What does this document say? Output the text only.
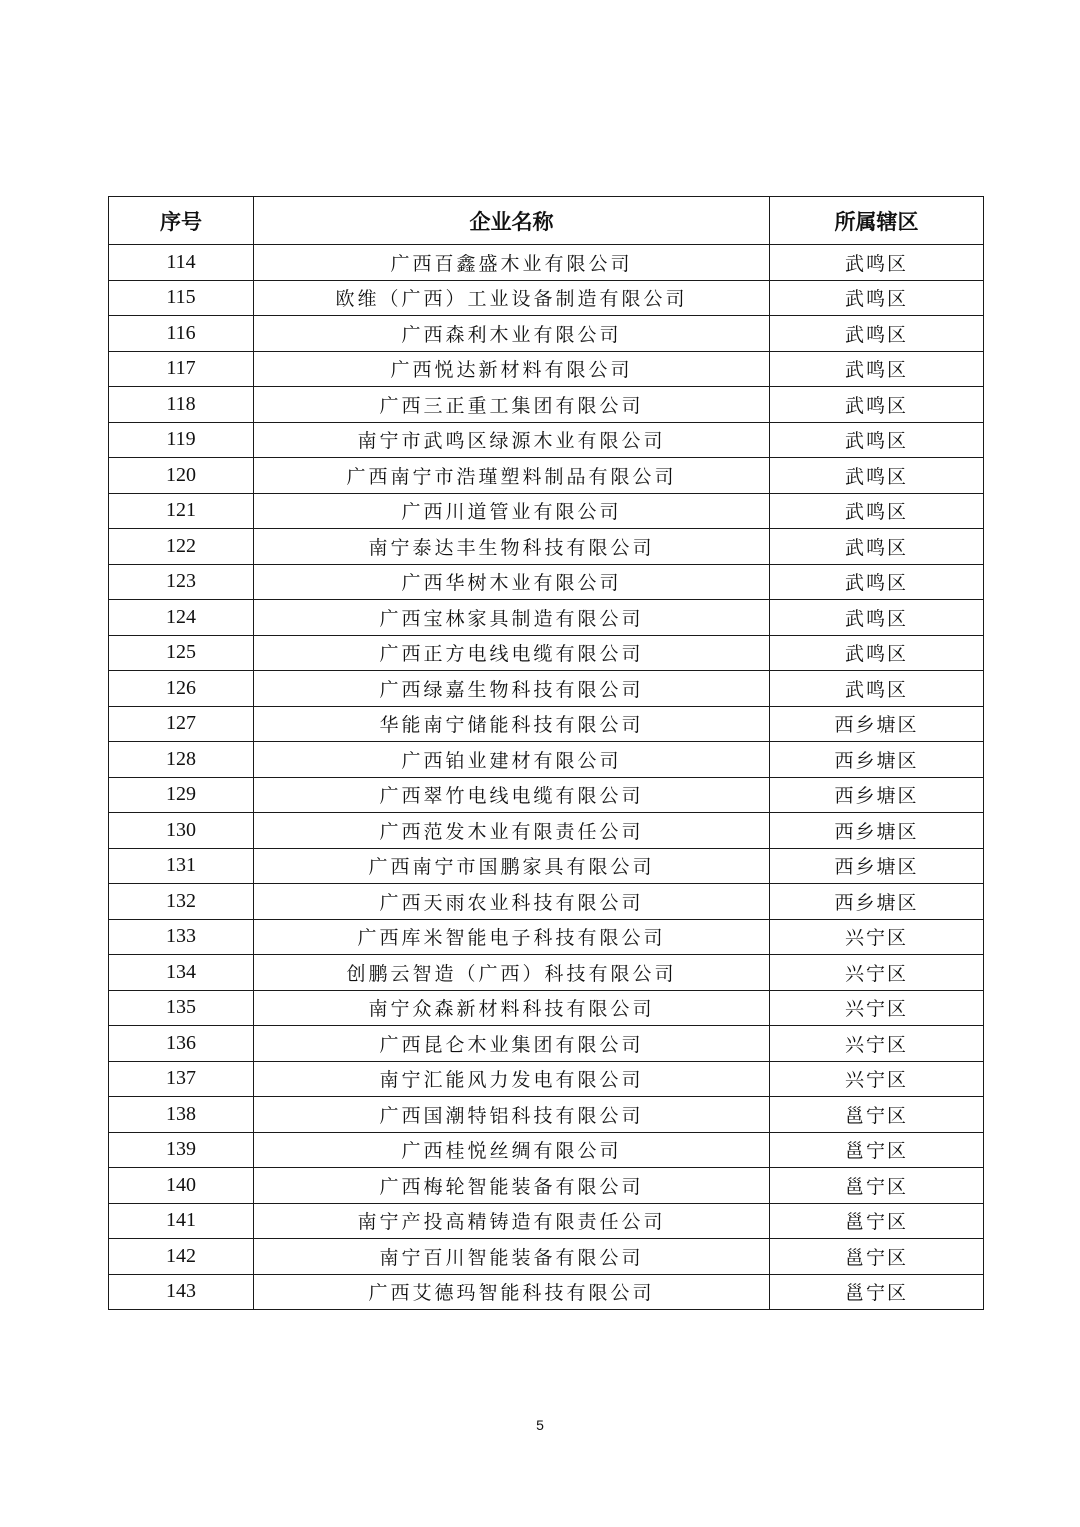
序号	企业名称	所属辖区
114	广西百鑫盛木业有限公司	武鸣区
115	欧维（广西）工业设备制造有限公司	武鸣区
116	广西森利木业有限公司	武鸣区
117	广西悦达新材料有限公司	武鸣区
118	广西三正重工集团有限公司	武鸣区
119	南宁市武鸣区绿源木业有限公司	武鸣区
120	广西南宁市浩瑾塑料制品有限公司	武鸣区
121	广西川道管业有限公司	武鸣区
122	南宁泰达丰生物科技有限公司	武鸣区
123	广西华树木业有限公司	武鸣区
124	广西宝林家具制造有限公司	武鸣区
125	广西正方电线电缆有限公司	武鸣区
126	广西绿嘉生物科技有限公司	武鸣区
127	华能南宁储能科技有限公司	西乡塘区
128	广西铂业建材有限公司	西乡塘区
129	广西翠竹电线电缆有限公司	西乡塘区
130	广西范发木业有限责任公司	西乡塘区
131	广西南宁市国鹏家具有限公司	西乡塘区
132	广西天雨农业科技有限公司	西乡塘区
133	广西库米智能电子科技有限公司	兴宁区
134	创鹏云智造（广西）科技有限公司	兴宁区
135	南宁众森新材料科技有限公司	兴宁区
136	广西昆仑木业集团有限公司	兴宁区
137	南宁汇能风力发电有限公司	兴宁区
138	广西国潮特铝科技有限公司	邕宁区
139	广西桂悦丝绸有限公司	邕宁区
140	广西梅轮智能装备有限公司	邕宁区
141	南宁产投高精铸造有限责任公司	邕宁区
142	南宁百川智能装备有限公司	邕宁区
143	广西艾德玛智能科技有限公司	邕宁区
5
